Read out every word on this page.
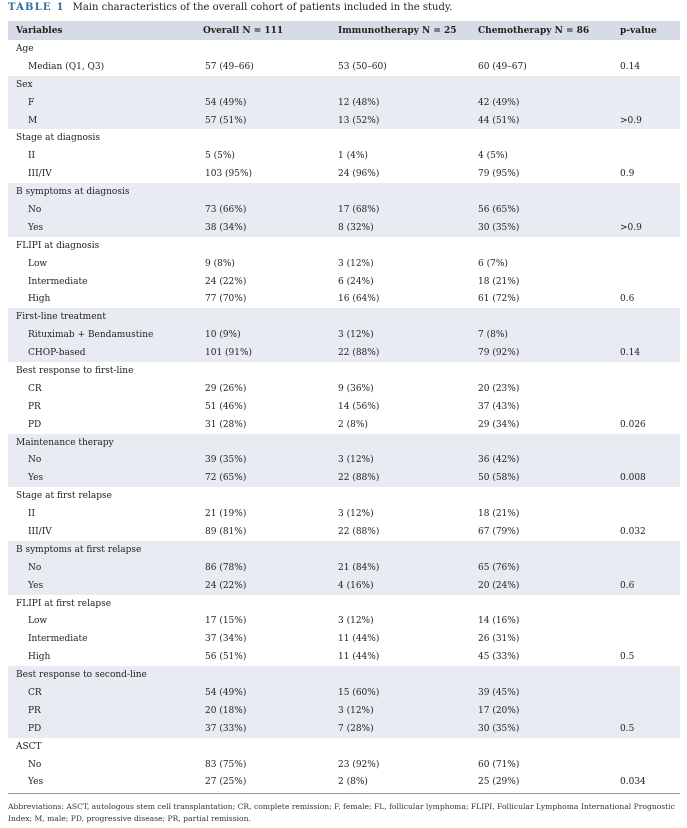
TABLE 1 Main characteristics of the overall cohort of patients included in the study.
Variables	Overall N = 111	Immunotherapy N = 25	Chemotherapy N = 86	p-value
Age				
Median (Q1, Q3)	57 (49–66)	53 (50–60)	60 (49–67)	0.14
Sex				
F	54 (49%)	12 (48%)	42 (49%)	
M	57 (51%)	13 (52%)	44 (51%)	>0.9
Stage at diagnosis				
II	5 (5%)	1 (4%)	4 (5%)	
III/IV	103 (95%)	24 (96%)	79 (95%)	0.9
B symptoms at diagnosis				
No	73 (66%)	17 (68%)	56 (65%)	
Yes	38 (34%)	8 (32%)	30 (35%)	>0.9
FLIPI at diagnosis				
Low	9 (8%)	3 (12%)	6 (7%)	
Intermediate	24 (22%)	6 (24%)	18 (21%)	
High	77 (70%)	16 (64%)	61 (72%)	0.6
First-line treatment				
Rituximab + Bendamustine	10 (9%)	3 (12%)	7 (8%)	
CHOP-based	101 (91%)	22 (88%)	79 (92%)	0.14
Best response to first-line				
CR	29 (26%)	9 (36%)	20 (23%)	
PR	51 (46%)	14 (56%)	37 (43%)	
PD	31 (28%)	2 (8%)	29 (34%)	0.026
Maintenance therapy				
No	39 (35%)	3 (12%)	36 (42%)	
Yes	72 (65%)	22 (88%)	50 (58%)	0.008
Stage at first relapse				
II	21 (19%)	3 (12%)	18 (21%)	
III/IV	89 (81%)	22 (88%)	67 (79%)	0.032
B symptoms at first relapse				
No	86 (78%)	21 (84%)	65 (76%)	
Yes	24 (22%)	4 (16%)	20 (24%)	0.6
FLIPI at first relapse				
Low	17 (15%)	3 (12%)	14 (16%)	
Intermediate	37 (34%)	11 (44%)	26 (31%)	
High	56 (51%)	11 (44%)	45 (33%)	0.5
Best response to second-line				
CR	54 (49%)	15 (60%)	39 (45%)	
PR	20 (18%)	3 (12%)	17 (20%)	
PD	37 (33%)	7 (28%)	30 (35%)	0.5
ASCT				
No	83 (75%)	23 (92%)	60 (71%)	
Yes	27 (25%)	2 (8%)	25 (29%)	0.034
Abbreviations: ASCT, autologous stem cell transplantation; CR, complete remission; F, female; FL, follicular lymphoma; FLIPI, Follicular Lymphoma International Prognostic Index; M, male; PD, progressive disease; PR, partial remission.
